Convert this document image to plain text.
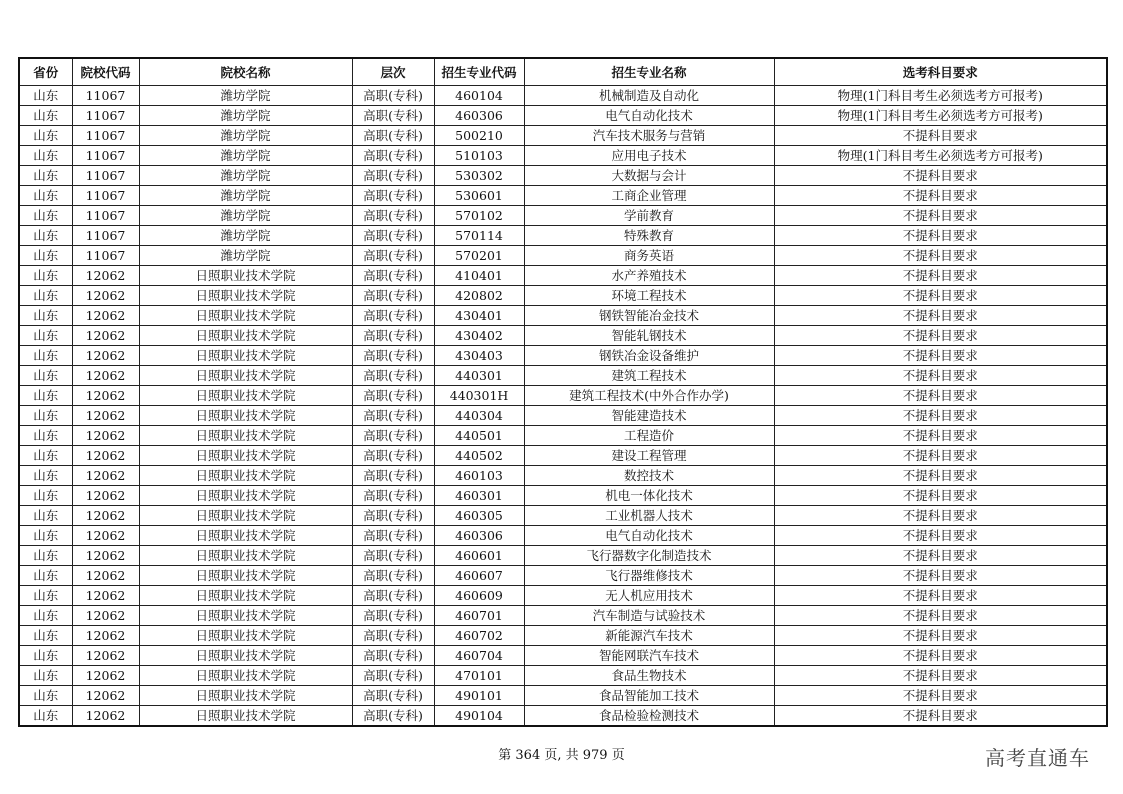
省份	院校代码	院校名称	层次	招生专业代码	招生专业名称	选考科目要求
山东	11067	潍坊学院	高职(专科)	460104	机械制造及自动化	物理(1门科目考生必须选考方可报考)
山东	11067	潍坊学院	高职(专科)	460306	电气自动化技术	物理(1门科目考生必须选考方可报考)
山东	11067	潍坊学院	高职(专科)	500210	汽车技术服务与营销	不提科目要求
山东	11067	潍坊学院	高职(专科)	510103	应用电子技术	物理(1门科目考生必须选考方可报考)
山东	11067	潍坊学院	高职(专科)	530302	大数据与会计	不提科目要求
山东	11067	潍坊学院	高职(专科)	530601	工商企业管理	不提科目要求
山东	11067	潍坊学院	高职(专科)	570102	学前教育	不提科目要求
山东	11067	潍坊学院	高职(专科)	570114	特殊教育	不提科目要求
山东	11067	潍坊学院	高职(专科)	570201	商务英语	不提科目要求
山东	12062	日照职业技术学院	高职(专科)	410401	水产养殖技术	不提科目要求
山东	12062	日照职业技术学院	高职(专科)	420802	环境工程技术	不提科目要求
山东	12062	日照职业技术学院	高职(专科)	430401	钢铁智能冶金技术	不提科目要求
山东	12062	日照职业技术学院	高职(专科)	430402	智能轧钢技术	不提科目要求
山东	12062	日照职业技术学院	高职(专科)	430403	钢铁冶金设备维护	不提科目要求
山东	12062	日照职业技术学院	高职(专科)	440301	建筑工程技术	不提科目要求
山东	12062	日照职业技术学院	高职(专科)	440301H	建筑工程技术(中外合作办学)	不提科目要求
山东	12062	日照职业技术学院	高职(专科)	440304	智能建造技术	不提科目要求
山东	12062	日照职业技术学院	高职(专科)	440501	工程造价	不提科目要求
山东	12062	日照职业技术学院	高职(专科)	440502	建设工程管理	不提科目要求
山东	12062	日照职业技术学院	高职(专科)	460103	数控技术	不提科目要求
山东	12062	日照职业技术学院	高职(专科)	460301	机电一体化技术	不提科目要求
山东	12062	日照职业技术学院	高职(专科)	460305	工业机器人技术	不提科目要求
山东	12062	日照职业技术学院	高职(专科)	460306	电气自动化技术	不提科目要求
山东	12062	日照职业技术学院	高职(专科)	460601	飞行器数字化制造技术	不提科目要求
山东	12062	日照职业技术学院	高职(专科)	460607	飞行器维修技术	不提科目要求
山东	12062	日照职业技术学院	高职(专科)	460609	无人机应用技术	不提科目要求
山东	12062	日照职业技术学院	高职(专科)	460701	汽车制造与试验技术	不提科目要求
山东	12062	日照职业技术学院	高职(专科)	460702	新能源汽车技术	不提科目要求
山东	12062	日照职业技术学院	高职(专科)	460704	智能网联汽车技术	不提科目要求
山东	12062	日照职业技术学院	高职(专科)	470101	食品生物技术	不提科目要求
山东	12062	日照职业技术学院	高职(专科)	490101	食品智能加工技术	不提科目要求
山东	12062	日照职业技术学院	高职(专科)	490104	食品检验检测技术	不提科目要求
第 364 页, 共 979 页	高考直通车
